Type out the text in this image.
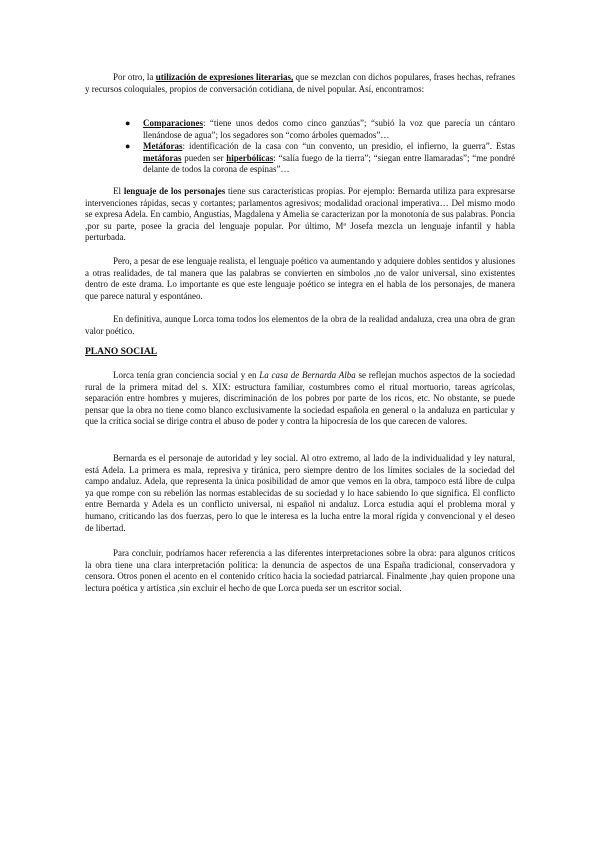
Por otro, la utilización de expresiones literarias, que se mezclan con dichos populares, frases hechas, refranes y recursos coloquiales, propios de conversación cotidiana, de nivel popular. Así, encontramos:

● Comparaciones: “tiene unos dedos como cinco ganzúas”; “subió la voz que parecía un cántaro llenándose de agua”; los segadores son “como árboles quemados”…
● Metáforas: identificación de la casa con “un convento, un presidio, el infierno, la guerra”. Estas metáforas pueden ser hiperbólicas: “salía fuego de la tierra”; “siegan entre llamaradas”; “me pondré delante de todos la corona de espinas”…

El lenguaje de los personajes tiene sus características propias. Por ejemplo: Bernarda utiliza para expresarse intervenciones rápidas, secas y cortantes; parlamentos agresivos; modalidad oracional imperativa… Del mismo modo se expresa Adela. En cambio, Angustias, Magdalena y Amelia se caracterizan por la monotonía de sus palabras. Poncia ,por su parte, posee la gracia del lenguaje popular. Por último, Mª Josefa mezcla un lenguaje infantil y habla perturbada.

Pero, a pesar de ese lenguaje realista, el lenguaje poético va aumentando y adquiere dobles sentidos y alusiones a otras realidades, de tal manera que las palabras se convierten en símbolos ,no de valor universal, sino existentes dentro de este drama. Lo importante es que este lenguaje poético se integra en el habla de los personajes, de manera que parece natural y espontáneo.

En definitiva, aunque Lorca toma todos los elementos de la obra de la realidad andaluza, crea una obra de gran valor poético.

PLANO SOCIAL

Lorca tenía gran conciencia social y en La casa de Bernarda Alba se reflejan muchos aspectos de la sociedad rural de la primera mitad del s. XIX: estructura familiar, costumbres como el ritual mortuorio, tareas agrícolas, separación entre hombres y mujeres, discriminación de los pobres por parte de los ricos, etc. No obstante, se puede pensar que la obra no tiene como blanco exclusivamente la sociedad española en general o la andaluza en particular y que la crítica social se dirige contra el abuso de poder y contra la hipocresía de los que carecen de valores.

Bernarda es el personaje de autoridad y ley social. Al otro extremo, al lado de la individualidad y ley natural, está Adela. La primera es mala, represiva y tiránica, pero siempre dentro de los límites sociales de la sociedad del campo andaluz. Adela, que representa la única posibilidad de amor que vemos en la obra, tampoco está libre de culpa ya que rompe con su rebelión las normas establecidas de su sociedad y lo hace sabiendo lo que significa. El conflicto entre Bernarda y Adela es un conflicto universal, ni español ni andaluz. Lorca estudia aquí el problema moral y humano, criticando las dos fuerzas, pero lo que le interesa es la lucha entre la moral rígida y convencional y el deseo de libertad.

Para concluir, podríamos hacer referencia a las diferentes interpretaciones sobre la obra: para algunos críticos la obra tiene una clara interpretación política: la denuncia de aspectos de una España tradicional, conservadora y censora. Otros ponen el acento en el contenido crítico hacia la sociedad patriarcal. Finalmente ,hay quien propone una lectura poética y artística ,sin excluir el hecho de que Lorca pueda ser un escritor social.
